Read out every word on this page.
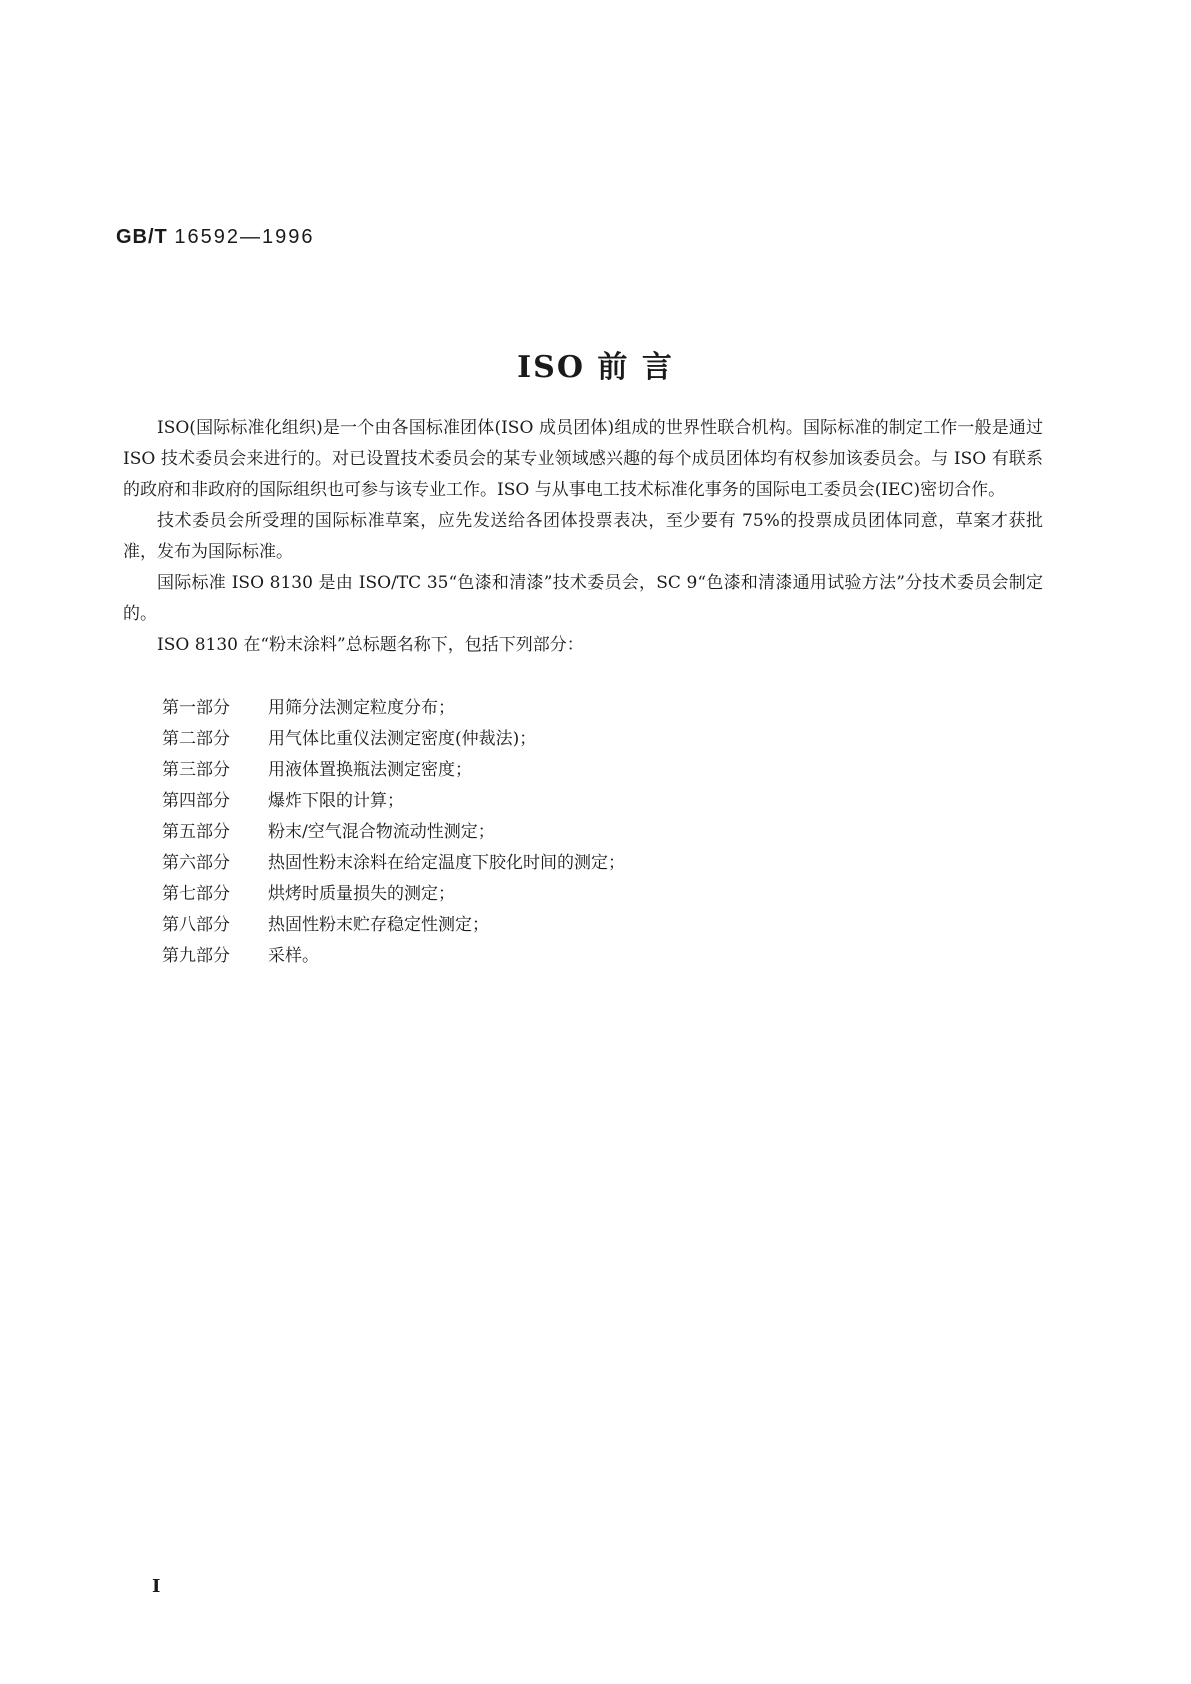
GB/T 16592—1996
ISO 前 言

ISO(国际标准化组织)是一个由各国标准团体(ISO 成员团体)组成的世界性联合机构。国际标准的制定工作一般是通过 ISO 技术委员会来进行的。对已设置技术委员会的某专业领域感兴趣的每个成员团体均有权参加该委员会。与 ISO 有联系的政府和非政府的国际组织也可参与该专业工作。ISO 与从事电工技术标准化事务的国际电工委员会(IEC)密切合作。

技术委员会所受理的国际标准草案，应先发送给各团体投票表决，至少要有 75%的投票成员团体同意，草案才获批准，发布为国际标准。

国际标准 ISO 8130 是由 ISO/TC 35“色漆和清漆”技术委员会，SC 9“色漆和清漆通用试验方法”分技术委员会制定的。

ISO 8130 在“粉末涂料”总标题名称下，包括下列部分：

第一部分 用筛分法测定粒度分布；
第二部分 用气体比重仪法测定密度(仲裁法)；
第三部分 用液体置换瓶法测定密度；
第四部分 爆炸下限的计算；
第五部分 粉末/空气混合物流动性测定；
第六部分 热固性粉末涂料在给定温度下胶化时间的测定；
第七部分 烘烤时质量损失的测定；
第八部分 热固性粉末贮存稳定性测定；
第九部分 采样。
I
